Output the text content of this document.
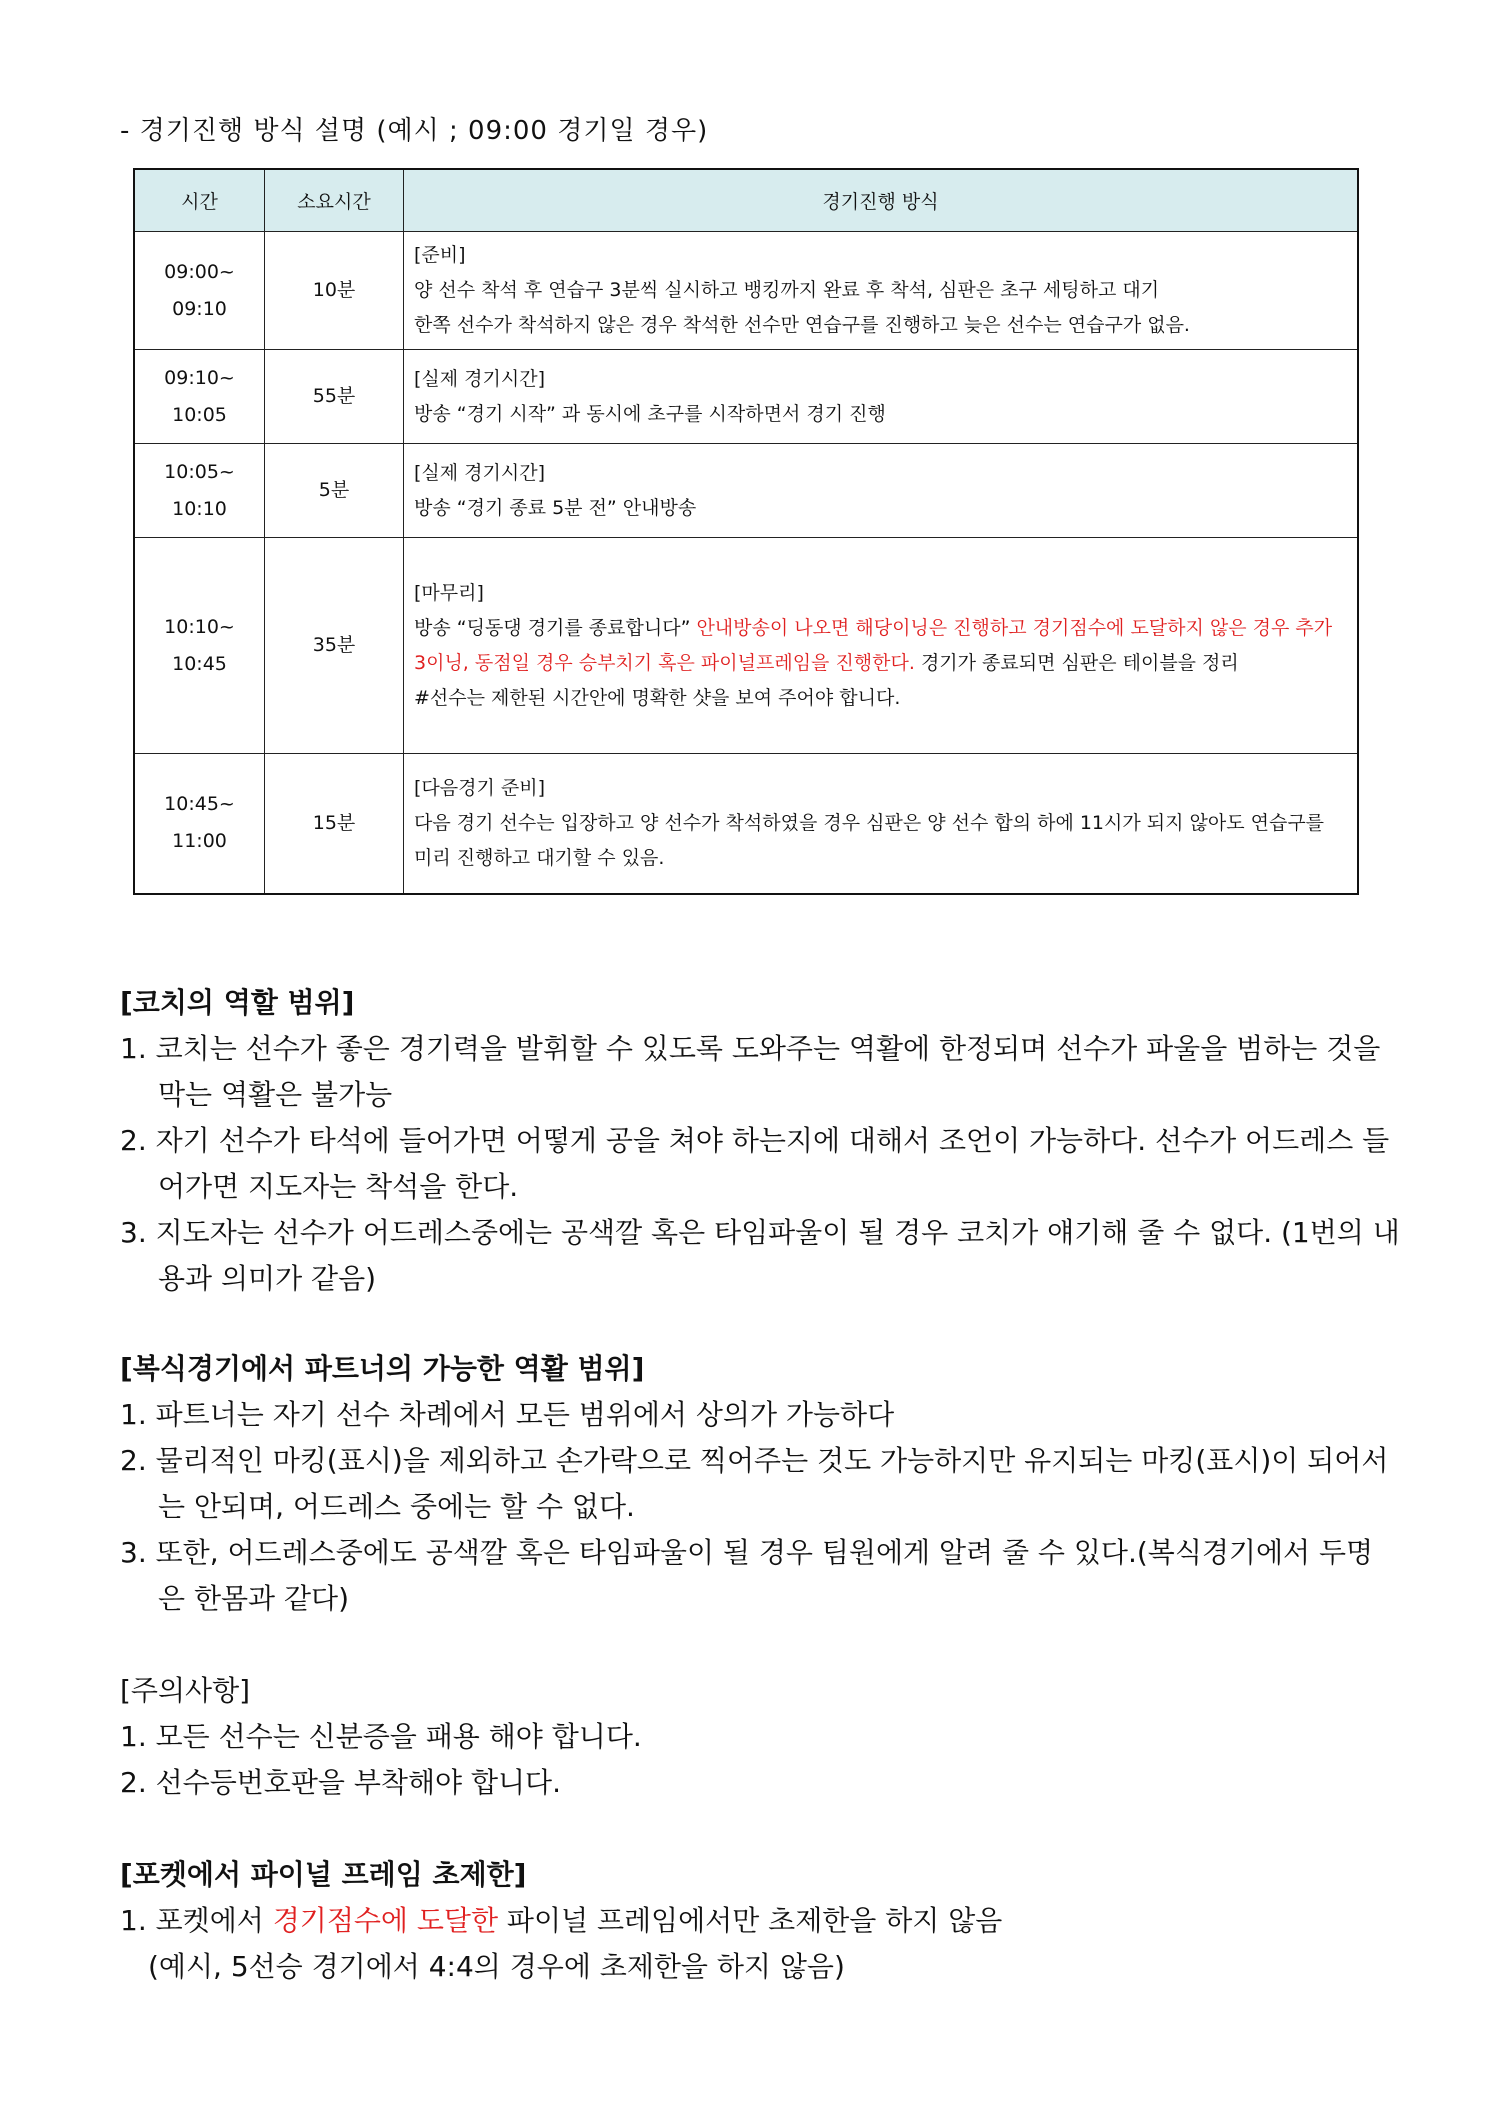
- 경기진행 방식 설명 (예시 ; 09:00 경기일 경우)
시간	소요시간	경기진행 방식

09:00~
09:10	10분	[준비]
양 선수 착석 후 연습구 3분씩 실시하고 뱅킹까지 완료 후 착석, 심판은 초구 세팅하고 대기
한쪽 선수가 착석하지 않은 경우 착석한 선수만 연습구를 진행하고 늦은 선수는 연습구가 없음.

09:10~
10:05	55분	[실제 경기시간]
방송 “경기 시작” 과 동시에 초구를 시작하면서 경기 진행

10:05~
10:10	5분	[실제 경기시간]
방송 “경기 종료 5분 전” 안내방송

10:10~
10:45	35분	[마무리]
방송 “딩동댕 경기를 종료합니다” 안내방송이 나오면 해당이닝은 진행하고 경기점수에 도달하지 않은 경우 추가 3이닝, 동점일 경우 승부치기 혹은 파이널프레임을 진행한다. 경기가 종료되면 심판은 테이블을 정리
#선수는 제한된 시간안에 명확한 샷을 보여 주어야 합니다.

10:45~
11:00	15분	[다음경기 준비]
다음 경기 선수는 입장하고 양 선수가 착석하였을 경우 심판은 양 선수 합의 하에 11시가 되지 않아도 연습구를 미리 진행하고 대기할 수 있음.
[코치의 역할 범위]
1. 코치는 선수가 좋은 경기력을 발휘할 수 있도록 도와주는 역활에 한정되며 선수가 파울을 범하는 것을 막는 역활은 불가능
2. 자기 선수가 타석에 들어가면 어떻게 공을 쳐야 하는지에 대해서 조언이 가능하다. 선수가 어드레스 들어가면 지도자는 착석을 한다.
3. 지도자는 선수가 어드레스중에는 공색깔 혹은 타임파울이 될 경우 코치가 얘기해 줄 수 없다. (1번의 내용과 의미가 같음)
[복식경기에서 파트너의 가능한 역활 범위]
1. 파트너는 자기 선수 차례에서 모든 범위에서 상의가 가능하다
2. 물리적인 마킹(표시)을 제외하고 손가락으로 찍어주는 것도 가능하지만 유지되는 마킹(표시)이 되어서는 안되며, 어드레스 중에는 할 수 없다.
3. 또한, 어드레스중에도 공색깔 혹은 타임파울이 될 경우 팀원에게 알려 줄 수 있다.(복식경기에서 두명은 한몸과 같다)
[주의사항]
1. 모든 선수는 신분증을 패용 해야 합니다.
2. 선수등번호판을 부착해야 합니다.
[포켓에서 파이널 프레임 초제한]
1. 포켓에서 경기점수에 도달한 파이널 프레임에서만 초제한을 하지 않음
(예시, 5선승 경기에서 4:4의 경우에 초제한을 하지 않음)
